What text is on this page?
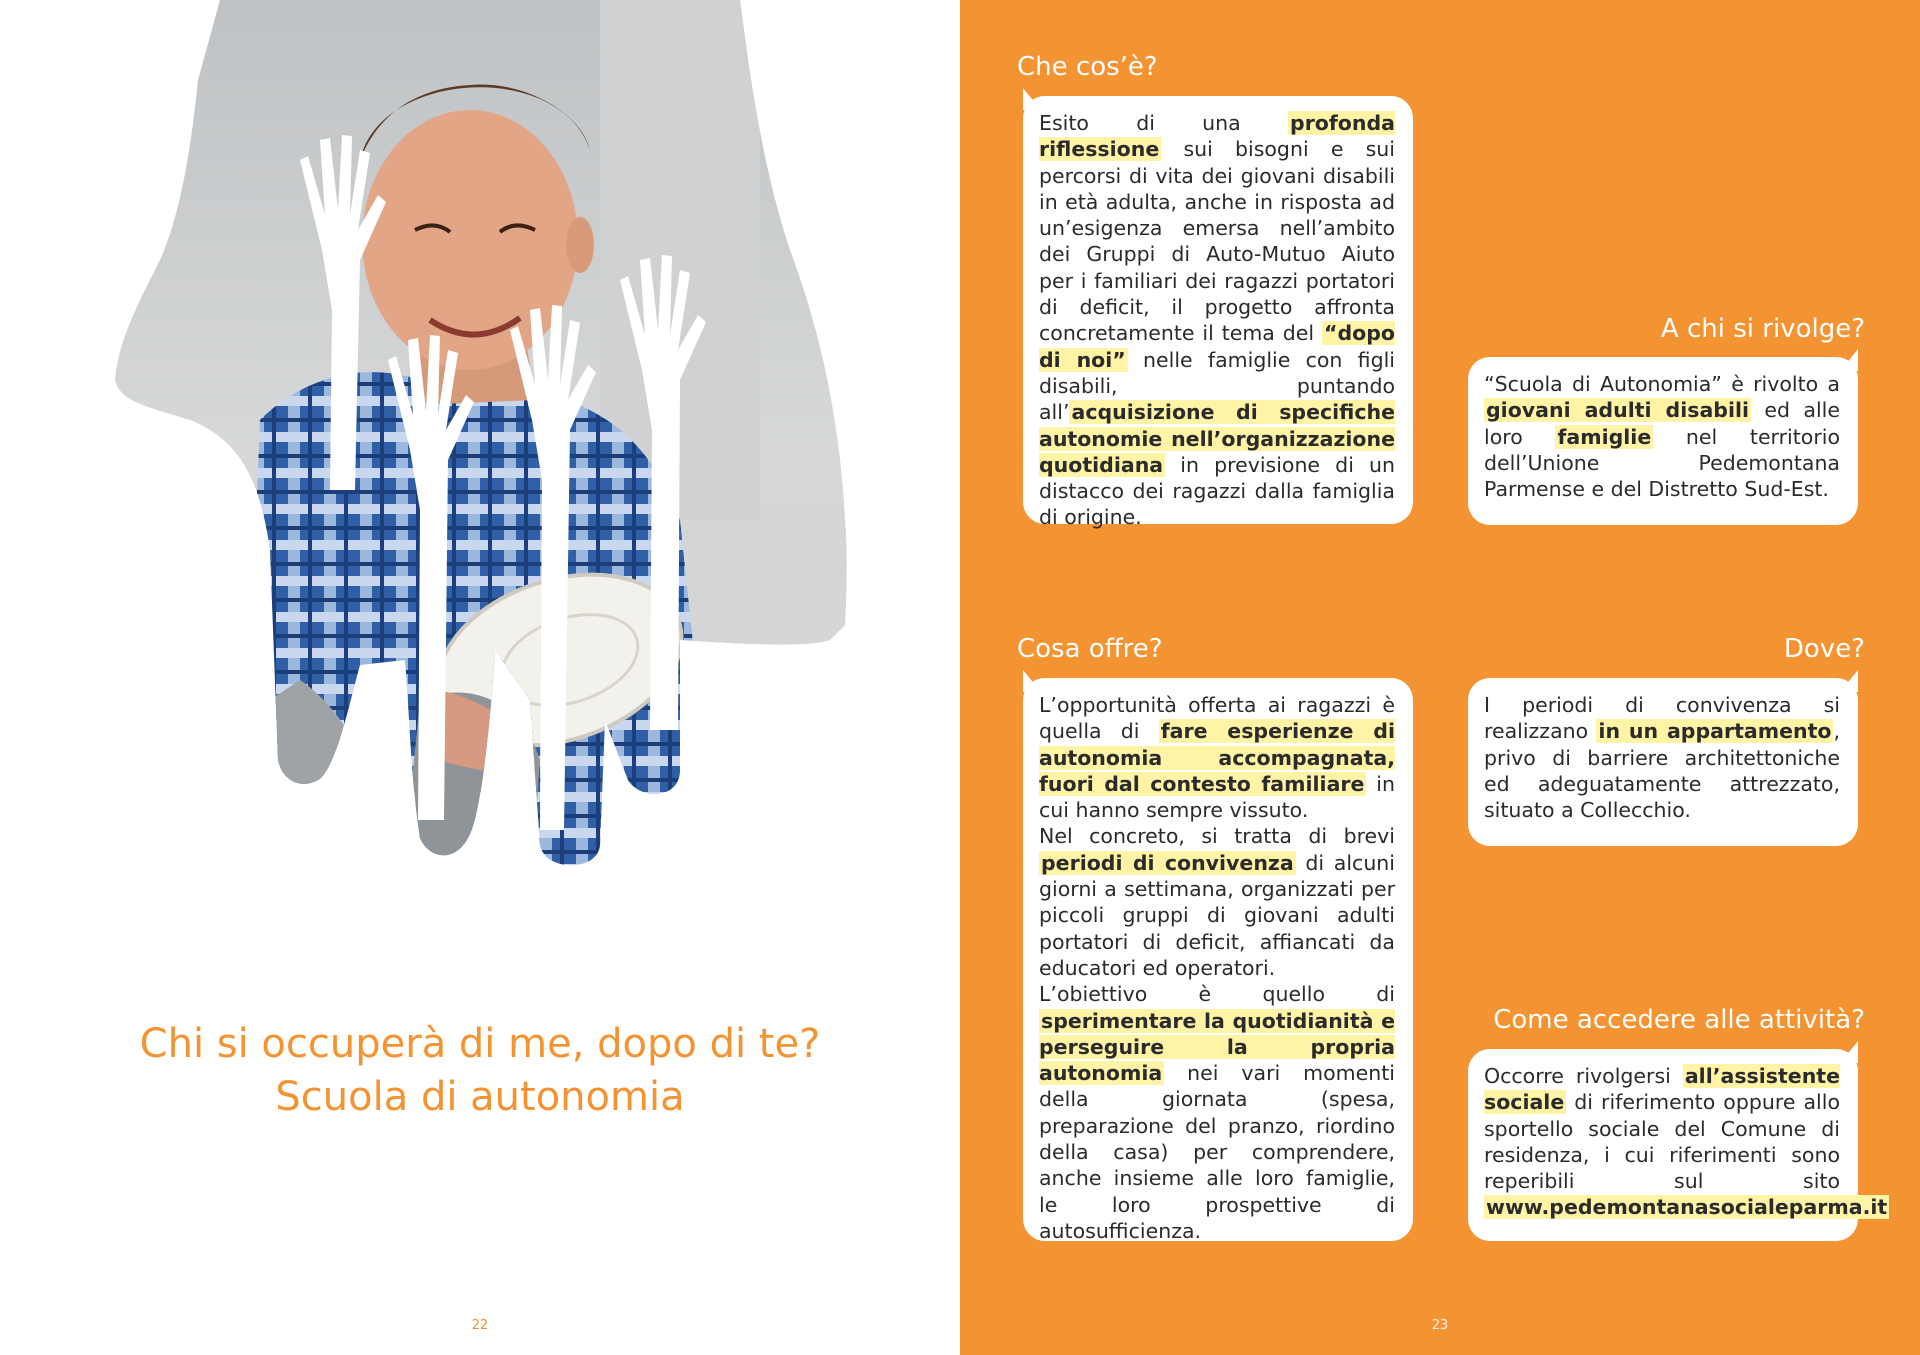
Chi si occuperà di me, dopo di te?
Scuola di autonomia
22
Che cos’è?
Esito di una profonda riflessione sui bisogni e sui percorsi di vita dei giovani disabili in età adulta, anche in risposta ad un’esigenza emersa nell’ambito dei Gruppi di Auto-Mutuo Aiuto per i familiari dei ragazzi portatori di deficit, il progetto affronta concretamente il tema del “dopo di noi” nelle famiglie con figli disabili, puntando all’acquisizione di specifiche autonomie nell’organizzazione quotidiana in previsione di un distacco dei ragazzi dalla famiglia di origine.
A chi si rivolge?
“Scuola di Autonomia” è rivolto a giovani adulti disabili ed alle loro famiglie nel territorio dell’Unione Pedemontana Parmense e del Distretto Sud-Est.
Cosa offre?
L’opportunità offerta ai ragazzi è quella di fare esperienze di autonomia accompagnata, fuori dal contesto familiare in cui hanno sempre vissuto.
Nel concreto, si tratta di brevi periodi di convivenza di alcuni giorni a settimana, organizzati per piccoli gruppi di giovani adulti portatori di deficit, affiancati da educatori ed operatori.
L’obiettivo è quello di sperimentare la quotidianità e perseguire la propria autonomia nei vari momenti della giornata (spesa, preparazione del pranzo, riordino della casa) per comprendere, anche insieme alle loro famiglie, le loro prospettive di autosufficienza.
Dove?
I periodi di convivenza si realizzano in un appartamento, privo di barriere architettoniche ed adeguatamente attrezzato, situato a Collecchio.
Come accedere alle attività?
Occorre rivolgersi all’assistente sociale di riferimento oppure allo sportello sociale del Comune di residenza, i cui riferimenti sono reperibili sul sito www.pedemontanasocialeparma.it
23
